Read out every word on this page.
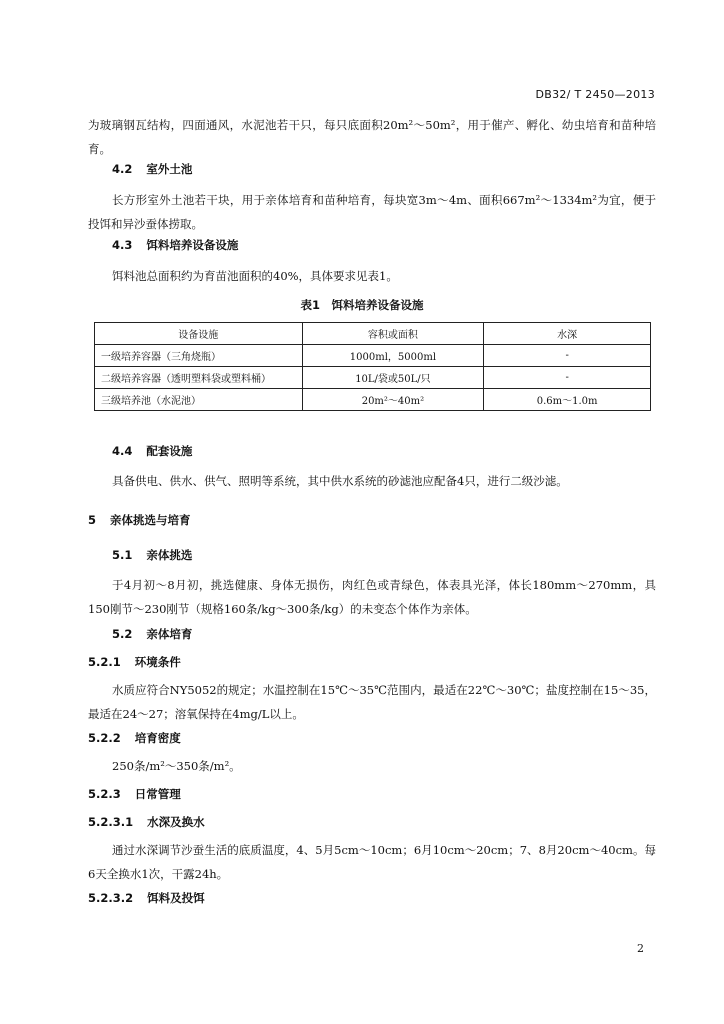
DB32/ T 2450—2013
为玻璃钢瓦结构，四面通风，水泥池若干只，每只底面积20m²～50m²，用于催产、孵化、幼虫培育和苗种培育。
4.2 室外土池
长方形室外土池若干块，用于亲体培育和苗种培育，每块宽3m～4m、面积667m²～1334m²为宜，便于投饵和异沙蚕体捞取。
4.3 饵料培养设备设施
饵料池总面积约为育苗池面积的40%，具体要求见表1。
表1　饵料培养设备设施
设备设施	容积或面积	水深
一级培养容器（三角烧瓶）	1000ml，5000ml	-
二级培养容器（透明塑料袋或塑料桶）	10L/袋或50L/只	-
三级培养池（水泥池）	20m²～40m²	0.6m～1.0m
4.4 配套设施
具备供电、供水、供气、照明等系统，其中供水系统的砂滤池应配备4只，进行二级沙滤。
5 亲体挑选与培育
5.1 亲体挑选
于4月初～8月初，挑选健康、身体无损伤，肉红色或青绿色，体表具光泽，体长180mm～270mm，具150刚节～230刚节（规格160条/kg～300条/kg）的未变态个体作为亲体。
5.2 亲体培育
5.2.1 环境条件
水质应符合NY5052的规定；水温控制在15℃～35℃范围内，最适在22℃～30℃；盐度控制在15～35，最适在24～27；溶氧保持在4mg/L以上。
5.2.2 培育密度
250条/m²～350条/m²。
5.2.3 日常管理
5.2.3.1 水深及换水
通过水深调节沙蚕生活的底质温度，4、5月5cm～10cm；6月10cm～20cm；7、8月20cm～40cm。每6天全换水1次，干露24h。
5.2.3.2 饵料及投饵
2
